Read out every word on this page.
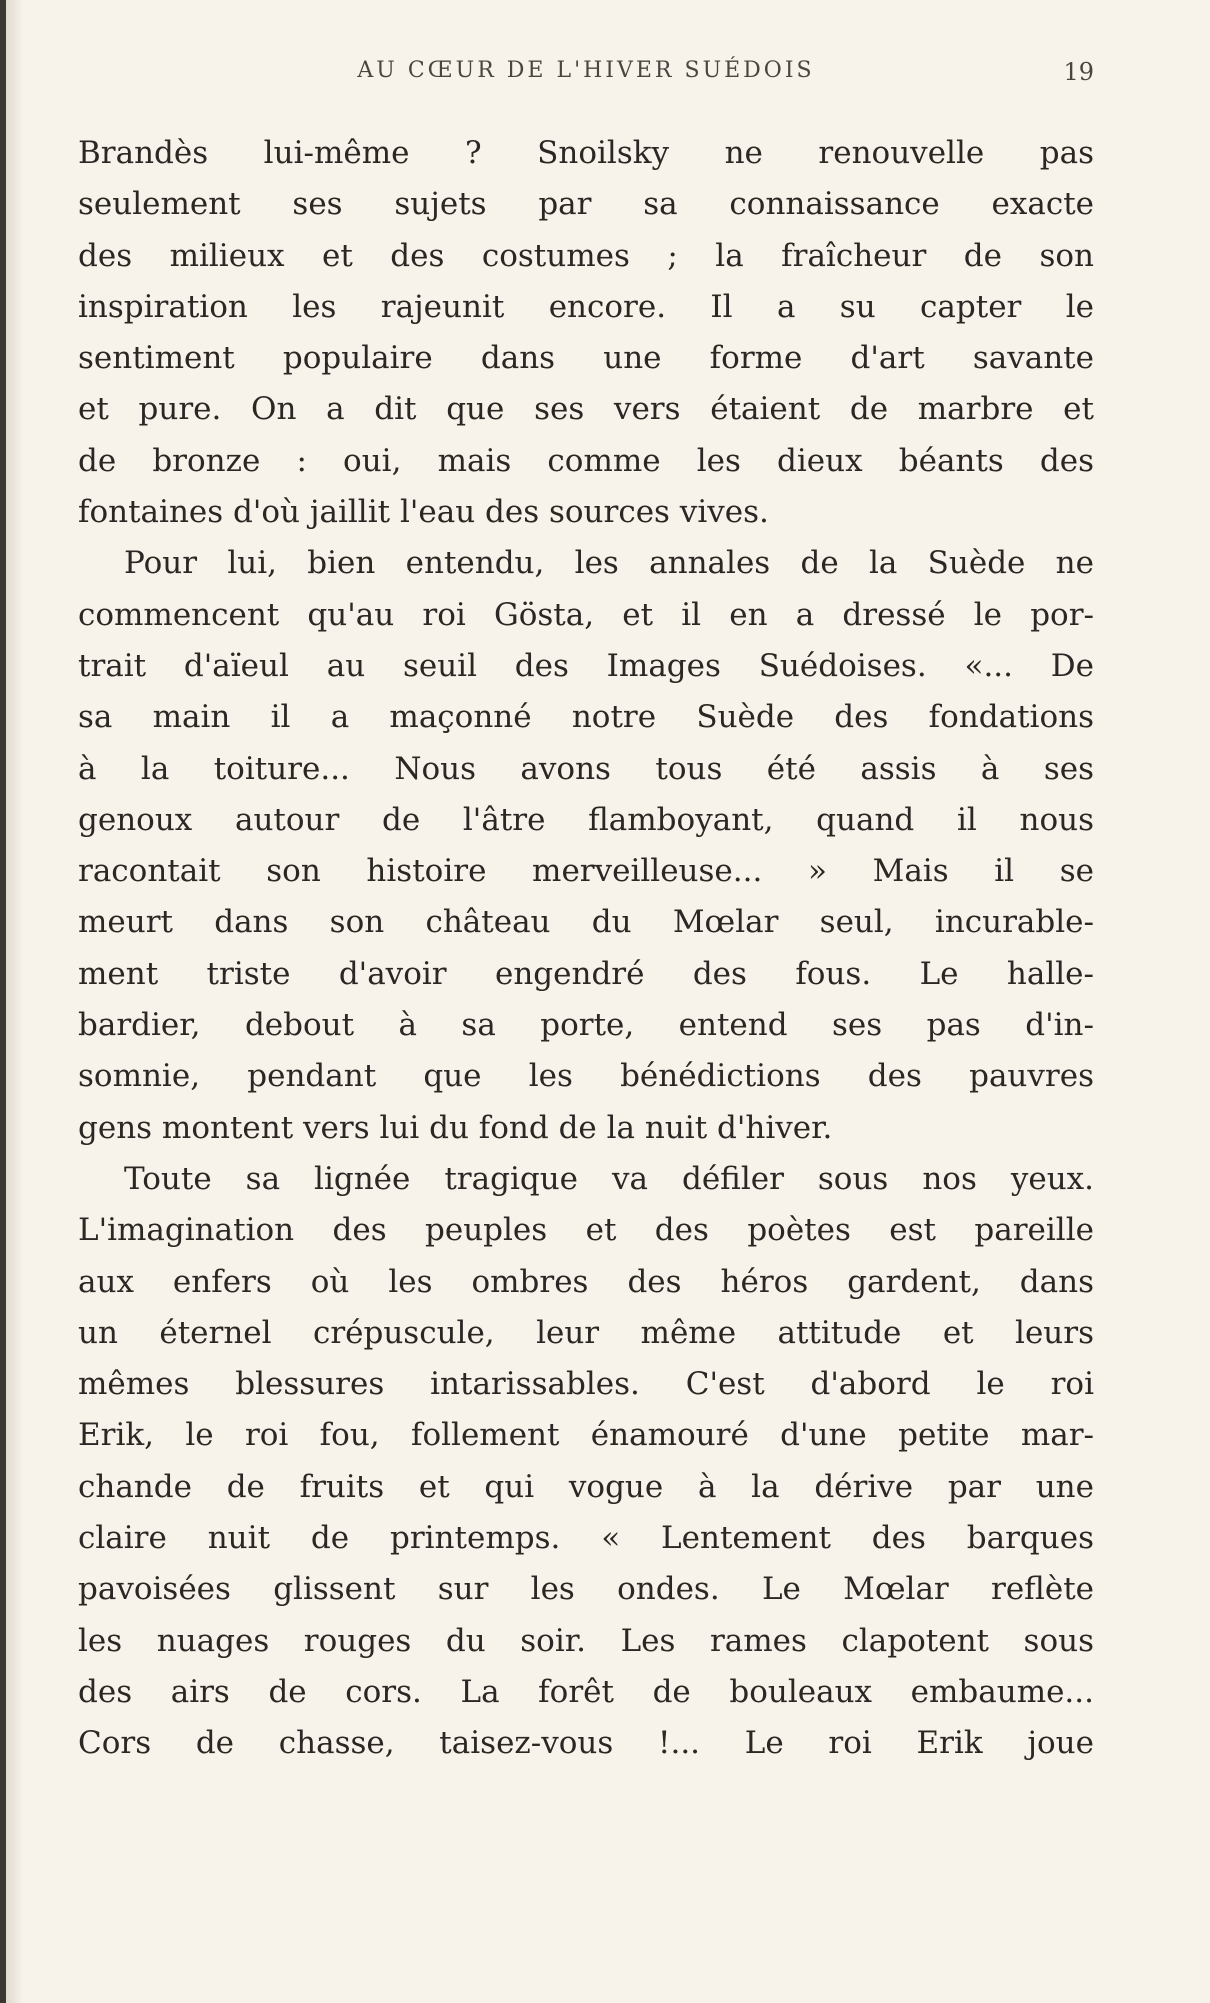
AU CŒUR DE L'HIVER SUÉDOIS	19
Brandès lui-même ? Snoilsky ne renouvelle pas
seulement ses sujets par sa connaissance exacte
des milieux et des costumes ; la fraîcheur de son
inspiration les rajeunit encore. Il a su capter le
sentiment populaire dans une forme d'art savante
et pure. On a dit que ses vers étaient de marbre et
de bronze : oui, mais comme les dieux béants des
fontaines d'où jaillit l'eau des sources vives.
Pour lui, bien entendu, les annales de la Suède ne
commencent qu'au roi Gösta, et il en a dressé le por-
trait d'aïeul au seuil des Images Suédoises. «... De
sa main il a maçonné notre Suède des fondations
à la toiture... Nous avons tous été assis à ses
genoux autour de l'âtre flamboyant, quand il nous
racontait son histoire merveilleuse... » Mais il se
meurt dans son château du Mœlar seul, incurable-
ment triste d'avoir engendré des fous. Le halle-
bardier, debout à sa porte, entend ses pas d'in-
somnie, pendant que les bénédictions des pauvres
gens montent vers lui du fond de la nuit d'hiver.
Toute sa lignée tragique va défiler sous nos yeux.
L'imagination des peuples et des poètes est pareille
aux enfers où les ombres des héros gardent, dans
un éternel crépuscule, leur même attitude et leurs
mêmes blessures intarissables. C'est d'abord le roi
Erik, le roi fou, follement énamouré d'une petite mar-
chande de fruits et qui vogue à la dérive par une
claire nuit de printemps. « Lentement des barques
pavoisées glissent sur les ondes. Le Mœlar reflète
les nuages rouges du soir. Les rames clapotent sous
des airs de cors. La forêt de bouleaux embaume...
Cors de chasse, taisez-vous !... Le roi Erik joue
